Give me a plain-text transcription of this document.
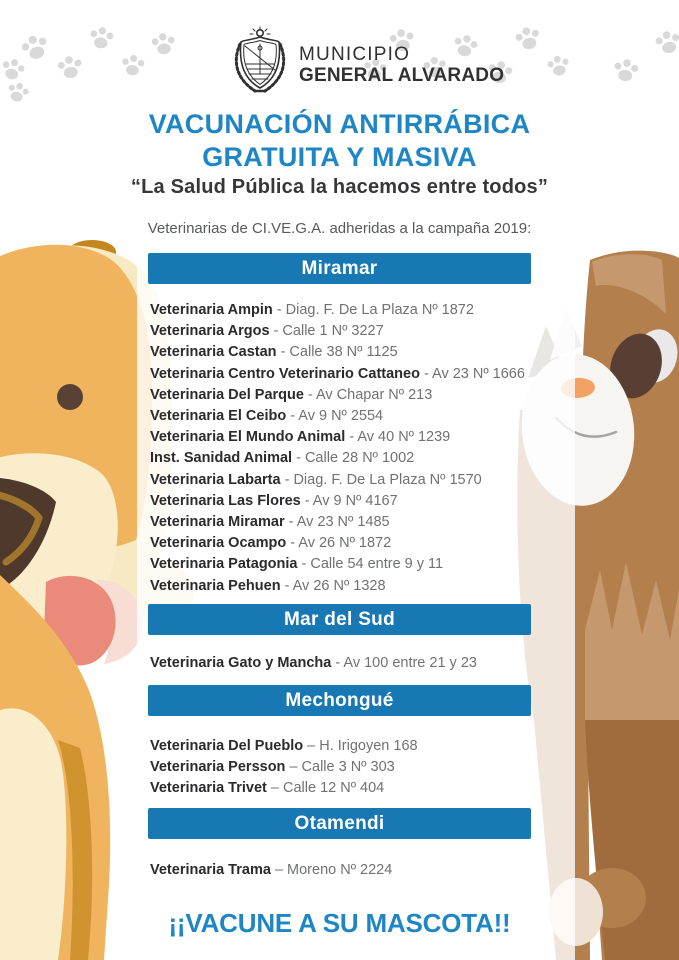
MUNICIPIO
GENERAL ALVARADO
VACUNACIÓN ANTIRRÁBICA
GRATUITA Y MASIVA
“La Salud Pública la hacemos entre todos”
Veterinarias de CI.VE.G.A. adheridas a la campaña 2019:
Miramar
Veterinaria Ampin - Diag. F. De La Plaza Nº 1872
Veterinaria Argos - Calle 1 Nº 3227
Veterinaria Castan - Calle 38 Nº 1125
Veterinaria Centro Veterinario Cattaneo - Av 23 Nº 1666
Veterinaria Del Parque - Av Chapar Nº 213
Veterinaria El Ceibo - Av 9 Nº 2554
Veterinaria El Mundo Animal - Av 40 Nº 1239
Inst. Sanidad Animal - Calle 28 Nº 1002
Veterinaria Labarta - Diag. F. De La Plaza Nº 1570
Veterinaria Las Flores - Av 9 Nº 4167
Veterinaria Miramar - Av 23 Nº 1485
Veterinaria Ocampo - Av 26 Nº 1872
Veterinaria Patagonia - Calle 54 entre 9 y 11
Veterinaria Pehuen - Av 26 Nº 1328
Mar del Sud
Veterinaria Gato y Mancha - Av 100 entre 21 y 23
Mechongué
Veterinaria Del Pueblo – H. Irigoyen 168
Veterinaria Persson – Calle 3 Nº 303
Veterinaria Trivet – Calle 12 Nº 404
Otamendi
Veterinaria Trama – Moreno Nº 2224
¡¡VACUNE A SU MASCOTA!!
